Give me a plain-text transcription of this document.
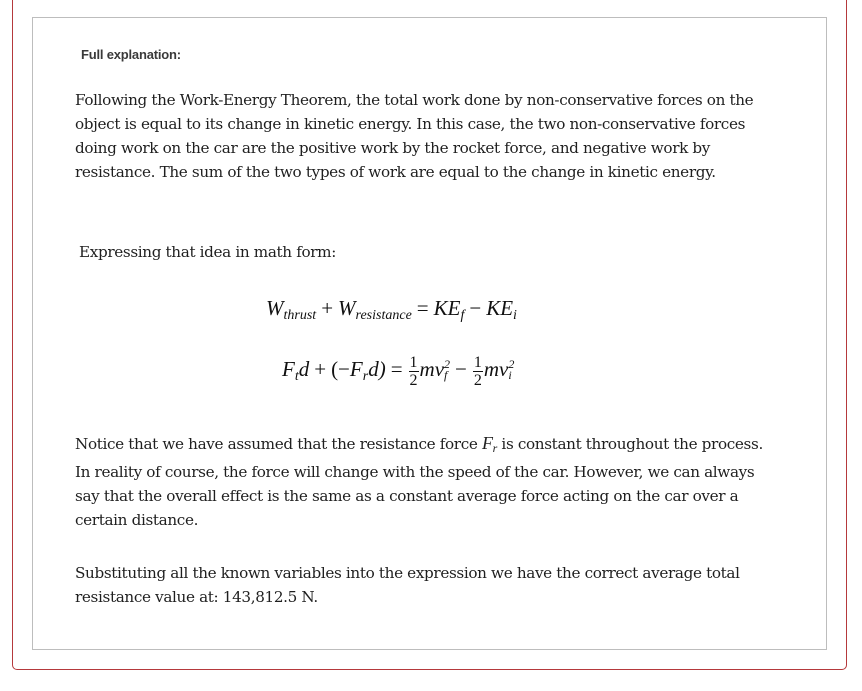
Full explanation:

Following the Work-Energy Theorem, the total work done by non-conservative forces on the object is equal to its change in kinetic energy. In this case, the two non-conservative forces doing work on the car are the positive work by the rocket force, and negative work by resistance. The sum of the two types of work are equal to the change in kinetic energy.

Expressing that idea in math form:

$W_{thrust} + W_{resistance} = KE_f - KE_i$
$F_td + (-F_rd) = \frac{1}{2}$ mv 2
$f - \frac{1}{2}$ mv 2
i

Notice that we have assumed that the resistance force $F_r$ is constant throughout the process. In reality of course, the force will change with the speed of the car. However, we can always say that the overall effect is the same as a constant average force acting on the car over a certain distance.

Substituting all the known variables into the expression we have the correct average total resistance value at: 143,812.5 N.
